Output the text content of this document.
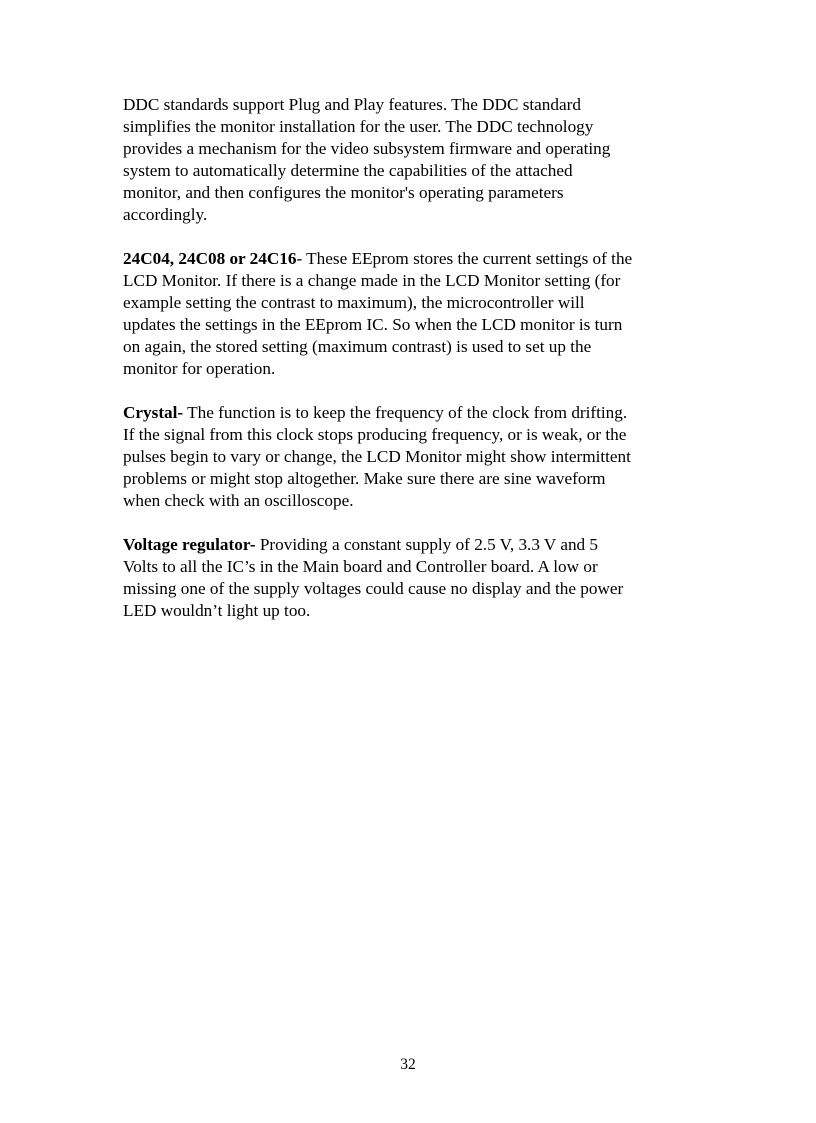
DDC standards support Plug and Play features. The DDC standard
simplifies the monitor installation for the user. The DDC technology
provides a mechanism for the video subsystem firmware and operating
system to automatically determine the capabilities of the attached
monitor, and then configures the monitor's operating parameters
accordingly.

24C04, 24C08 or 24C16- These EEprom stores the current settings of the
LCD Monitor. If there is a change made in the LCD Monitor setting (for
example setting the contrast to maximum), the microcontroller will
updates the settings in the EEprom IC. So when the LCD monitor is turn
on again, the stored setting (maximum contrast) is used to set up the
monitor for operation.

Crystal- The function is to keep the frequency of the clock from drifting.
If the signal from this clock stops producing frequency, or is weak, or the
pulses begin to vary or change, the LCD Monitor might show intermittent
problems or might stop altogether. Make sure there are sine waveform
when check with an oscilloscope.

Voltage regulator- Providing a constant supply of 2.5 V, 3.3 V and 5
Volts to all the IC’s in the Main board and Controller board. A low or
missing one of the supply voltages could cause no display and the power
LED wouldn’t light up too.

32
